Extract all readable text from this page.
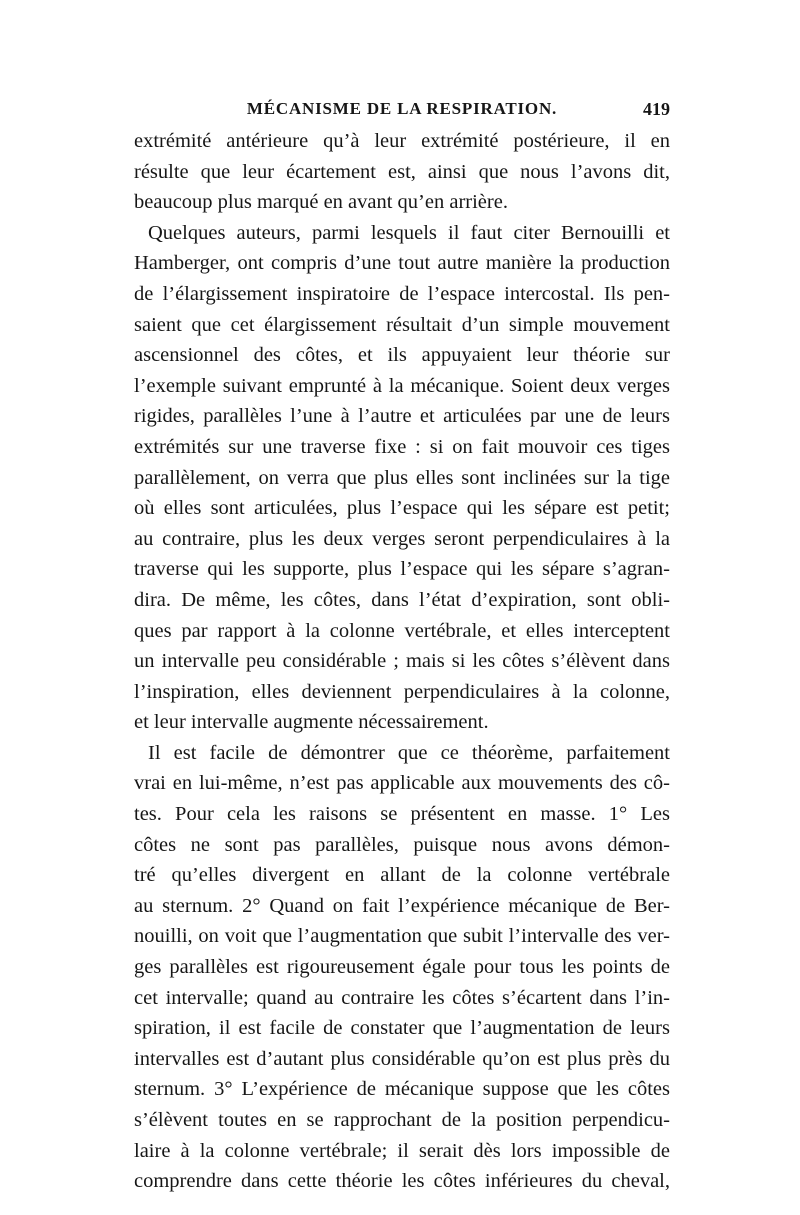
MÉCANISME DE LA RESPIRATION.	419
extrémité antérieure qu’à leur extrémité postérieure, il en
résulte que leur écartement est, ainsi que nous l’avons dit,
beaucoup plus marqué en avant qu’en arrière.
Quelques auteurs, parmi lesquels il faut citer Bernouilli et
Hamberger, ont compris d’une tout autre manière la production
de l’élargissement inspiratoire de l’espace intercostal. Ils pen-
saient que cet élargissement résultait d’un simple mouvement
ascensionnel des côtes, et ils appuyaient leur théorie sur
l’exemple suivant emprunté à la mécanique. Soient deux verges
rigides, parallèles l’une à l’autre et articulées par une de leurs
extrémités sur une traverse fixe : si on fait mouvoir ces tiges
parallèlement, on verra que plus elles sont inclinées sur la tige
où elles sont articulées, plus l’espace qui les sépare est petit;
au contraire, plus les deux verges seront perpendiculaires à la
traverse qui les supporte, plus l’espace qui les sépare s’agran-
dira. De même, les côtes, dans l’état d’expiration, sont obli-
ques par rapport à la colonne vertébrale, et elles interceptent
un intervalle peu considérable ; mais si les côtes s’élèvent dans
l’inspiration, elles deviennent perpendiculaires à la colonne,
et leur intervalle augmente nécessairement.
Il est facile de démontrer que ce théorème, parfaitement
vrai en lui-même, n’est pas applicable aux mouvements des cô-
tes. Pour cela les raisons se présentent en masse. 1° Les
côtes ne sont pas parallèles, puisque nous avons démon-
tré qu’elles divergent en allant de la colonne vertébrale
au sternum. 2° Quand on fait l’expérience mécanique de Ber-
nouilli, on voit que l’augmentation que subit l’intervalle des ver-
ges parallèles est rigoureusement égale pour tous les points de
cet intervalle; quand au contraire les côtes s’écartent dans l’in-
spiration, il est facile de constater que l’augmentation de leurs
intervalles est d’autant plus considérable qu’on est plus près du
sternum. 3° L’expérience de mécanique suppose que les côtes
s’élèvent toutes en se rapprochant de la position perpendicu-
laire à la colonne vertébrale; il serait dès lors impossible de
comprendre dans cette théorie les côtes inférieures du cheval,
